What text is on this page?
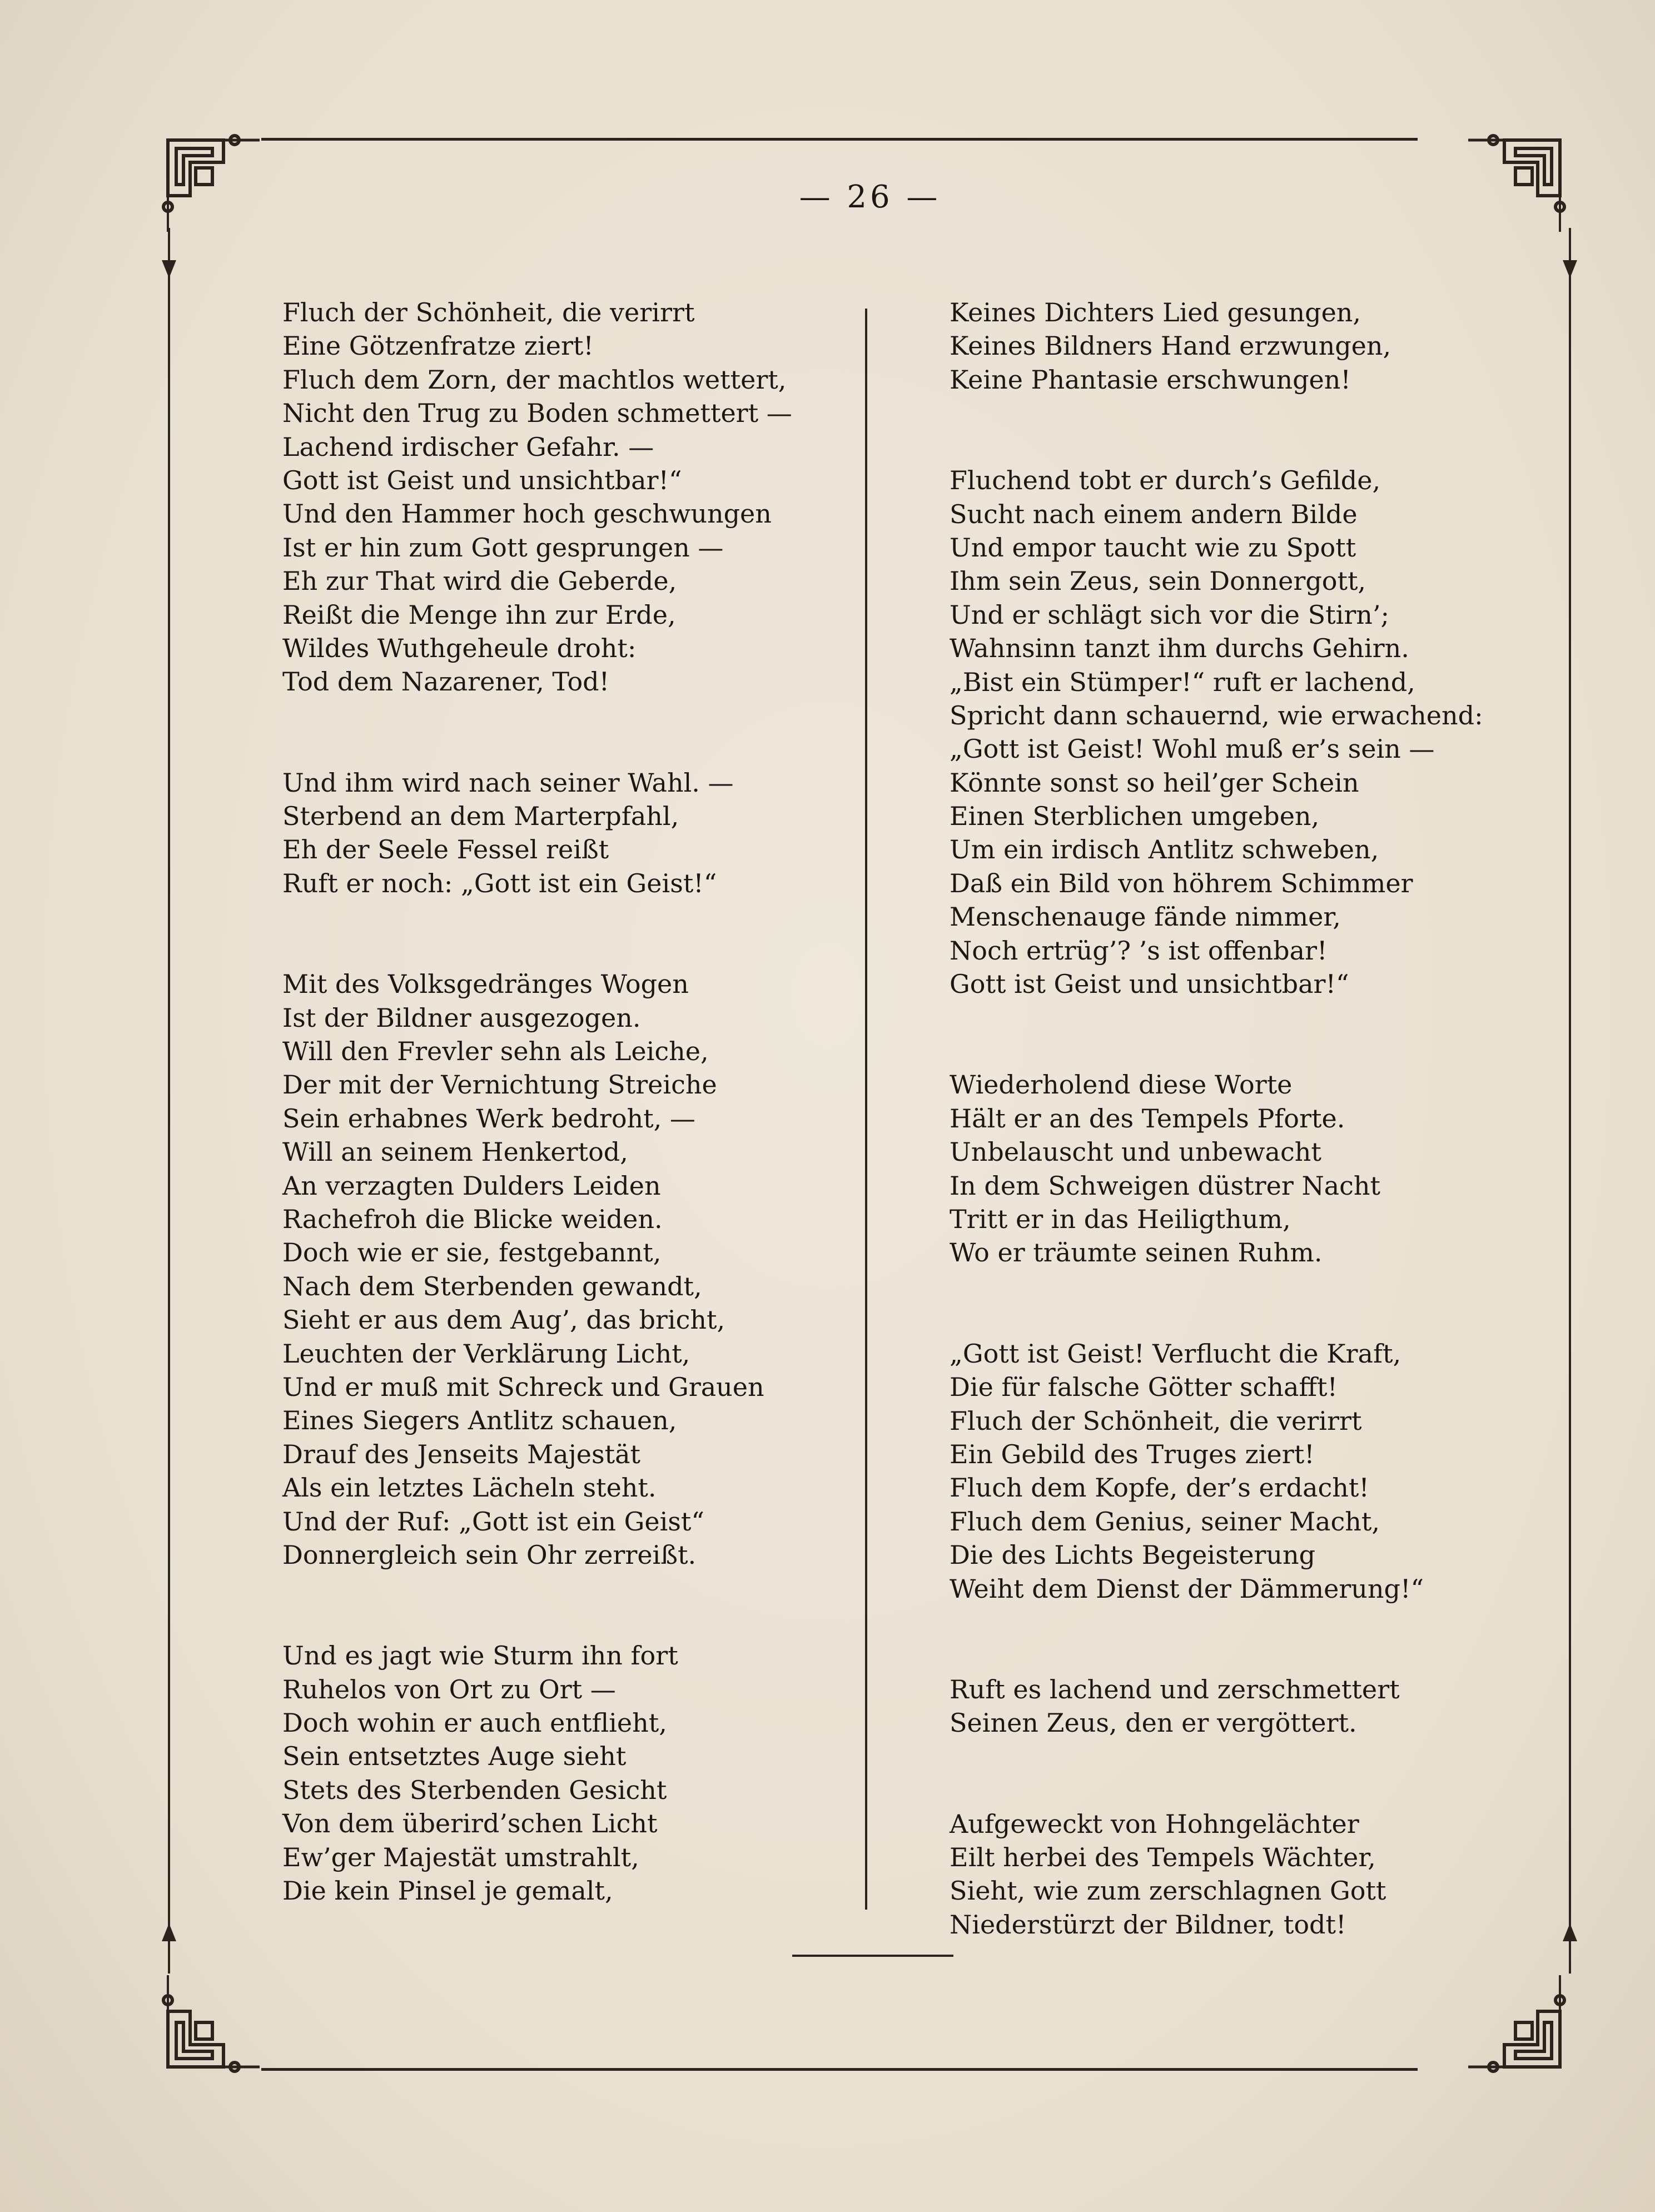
— 26 —
Fluch der Schönheit, die verirrt
Eine Götzenfratze ziert!
Fluch dem Zorn, der machtlos wettert,
Nicht den Trug zu Boden schmettert —
Lachend irdischer Gefahr. —
Gott ist Geist und unsichtbar!“
Und den Hammer hoch geschwungen
Ist er hin zum Gott gesprungen —
Eh zur That wird die Geberde,
Reißt die Menge ihn zur Erde,
Wildes Wuthgeheule droht:
Tod dem Nazarener, Tod!
Und ihm wird nach seiner Wahl. —
Sterbend an dem Marterpfahl,
Eh der Seele Fessel reißt
Ruft er noch: „Gott ist ein Geist!“
Mit des Volksgedränges Wogen
Ist der Bildner ausgezogen.
Will den Frevler sehn als Leiche,
Der mit der Vernichtung Streiche
Sein erhabnes Werk bedroht, —
Will an seinem Henkertod,
An verzagten Dulders Leiden
Rachefroh die Blicke weiden.
Doch wie er sie, festgebannt,
Nach dem Sterbenden gewandt,
Sieht er aus dem Aug’, das bricht,
Leuchten der Verklärung Licht,
Und er muß mit Schreck und Grauen
Eines Siegers Antlitz schauen,
Drauf des Jenseits Majestät
Als ein letztes Lächeln steht.
Und der Ruf: „Gott ist ein Geist“
Donnergleich sein Ohr zerreißt.
Und es jagt wie Sturm ihn fort
Ruhelos von Ort zu Ort —
Doch wohin er auch entflieht,
Sein entsetztes Auge sieht
Stets des Sterbenden Gesicht
Von dem überird’schen Licht
Ew’ger Majestät umstrahlt,
Die kein Pinsel je gemalt,
Keines Dichters Lied gesungen,
Keines Bildners Hand erzwungen,
Keine Phantasie erschwungen!
Fluchend tobt er durch’s Gefilde,
Sucht nach einem andern Bilde
Und empor taucht wie zu Spott
Ihm sein Zeus, sein Donnergott,
Und er schlägt sich vor die Stirn’;
Wahnsinn tanzt ihm durchs Gehirn.
„Bist ein Stümper!“ ruft er lachend,
Spricht dann schauernd, wie erwachend:
„Gott ist Geist! Wohl muß er’s sein —
Könnte sonst so heil’ger Schein
Einen Sterblichen umgeben,
Um ein irdisch Antlitz schweben,
Daß ein Bild von höhrem Schimmer
Menschenauge fände nimmer,
Noch ertrüg’? ’s ist offenbar!
Gott ist Geist und unsichtbar!“
Wiederholend diese Worte
Hält er an des Tempels Pforte.
Unbelauscht und unbewacht
In dem Schweigen düstrer Nacht
Tritt er in das Heiligthum,
Wo er träumte seinen Ruhm.
„Gott ist Geist! Verflucht die Kraft,
Die für falsche Götter schafft!
Fluch der Schönheit, die verirrt
Ein Gebild des Truges ziert!
Fluch dem Kopfe, der’s erdacht!
Fluch dem Genius, seiner Macht,
Die des Lichts Begeisterung
Weiht dem Dienst der Dämmerung!“
Ruft es lachend und zerschmettert
Seinen Zeus, den er vergöttert.
Aufgeweckt von Hohngelächter
Eilt herbei des Tempels Wächter,
Sieht, wie zum zerschlagnen Gott
Niederstürzt der Bildner, todt!
